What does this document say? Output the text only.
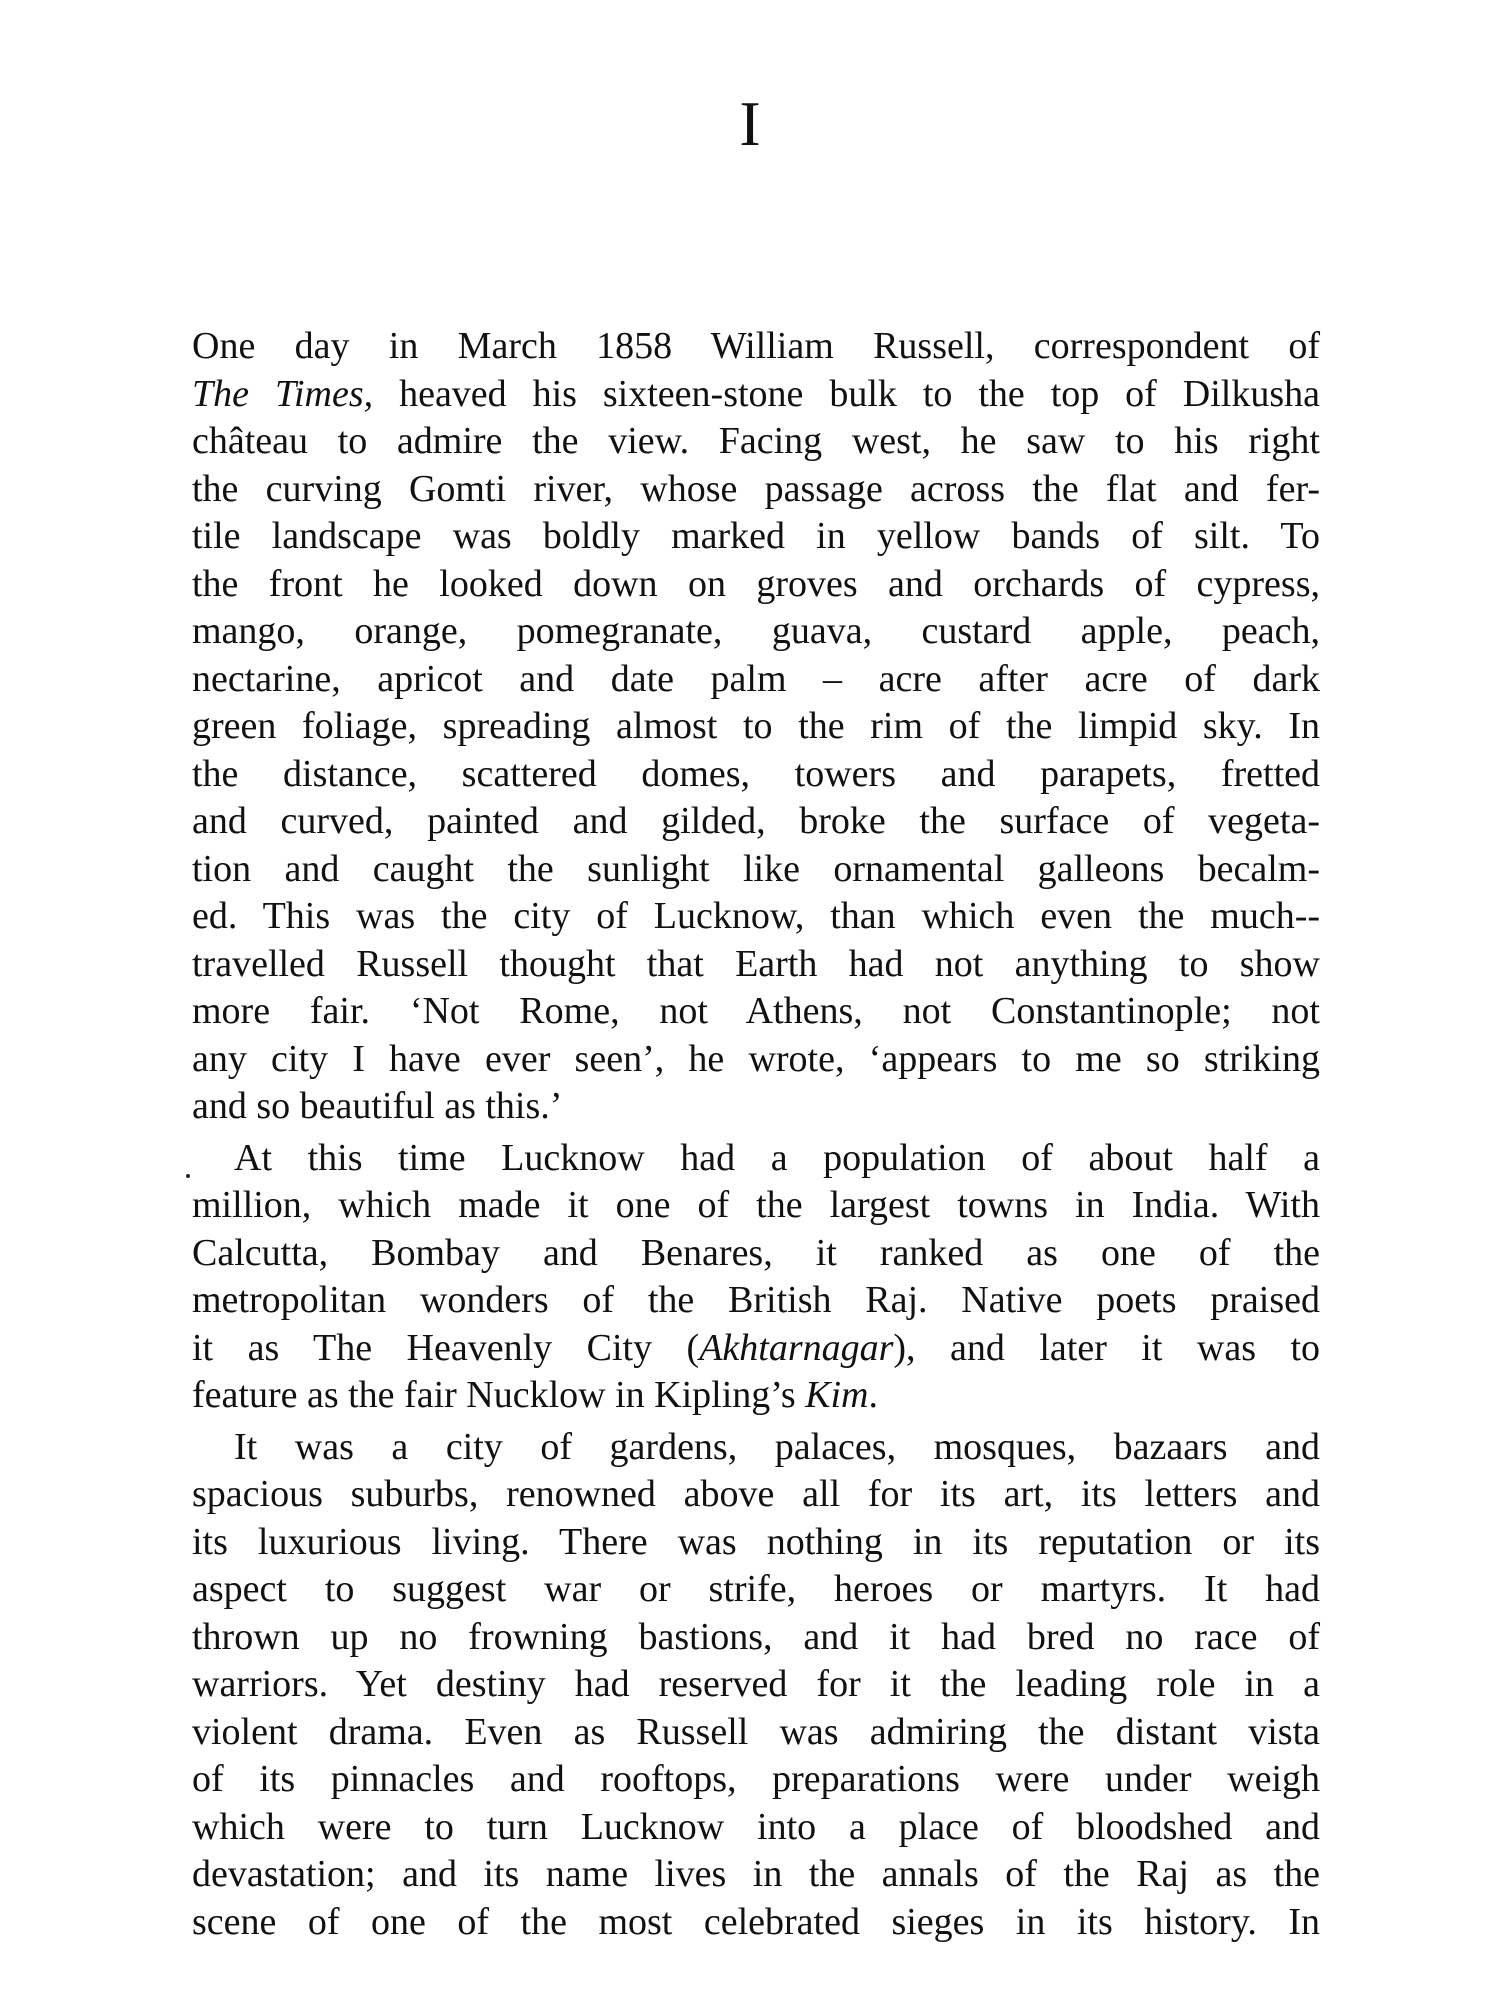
I
One day in March 1858 William Russell, correspondent of
The Times, heaved his sixteen-stone bulk to the top of Dilkusha
château to admire the view. Facing west, he saw to his right
the curving Gomti river, whose passage across the flat and fer-
tile landscape was boldly marked in yellow bands of silt. To
the front he looked down on groves and orchards of cypress,
mango, orange, pomegranate, guava, custard apple, peach,
nectarine, apricot and date palm – acre after acre of dark
green foliage, spreading almost to the rim of the limpid sky. In
the distance, scattered domes, towers and parapets, fretted
and curved, painted and gilded, broke the surface of vegeta-
tion and caught the sunlight like ornamental galleons becalm-
ed. This was the city of Lucknow, than which even the much--
travelled Russell thought that Earth had not anything to show
more fair. ‘Not Rome, not Athens, not Constantinople; not
any city I have ever seen’, he wrote, ‘appears to me so striking
and so beautiful as this.’
At this time Lucknow had a population of about half a
million, which made it one of the largest towns in India. With
Calcutta, Bombay and Benares, it ranked as one of the
metropolitan wonders of the British Raj. Native poets praised
it as The Heavenly City (Akhtarnagar), and later it was to
feature as the fair Nucklow in Kipling’s Kim.
It was a city of gardens, palaces, mosques, bazaars and
spacious suburbs, renowned above all for its art, its letters and
its luxurious living. There was nothing in its reputation or its
aspect to suggest war or strife, heroes or martyrs. It had
thrown up no frowning bastions, and it had bred no race of
warriors. Yet destiny had reserved for it the leading role in a
violent drama. Even as Russell was admiring the distant vista
of its pinnacles and rooftops, preparations were under weigh
which were to turn Lucknow into a place of bloodshed and
devastation; and its name lives in the annals of the Raj as the
scene of one of the most celebrated sieges in its history. In
